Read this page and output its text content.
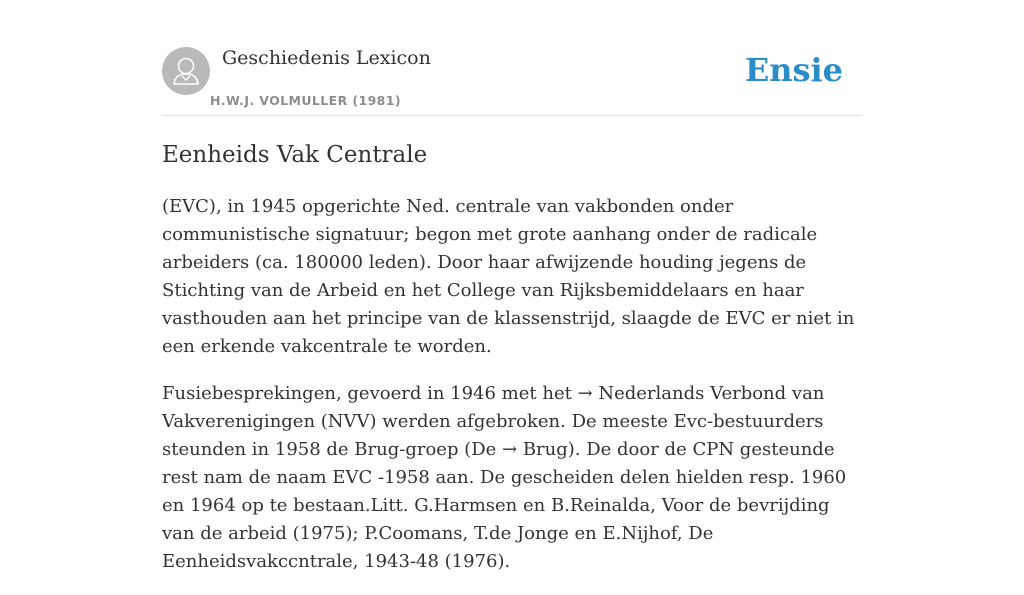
Geschiedenis Lexicon
H.W.J. VOLMULLER (1981)
Ensie
Eenheids Vak Centrale

(EVC), in 1945 opgerichte Ned. centrale van vakbonden onder communistische signatuur; begon met grote aanhang onder de radicale arbeiders (ca. 180000 leden). Door haar afwijzende houding jegens de Stichting van de Arbeid en het College van Rijksbemiddelaars en haar vasthouden aan het principe van de klassenstrijd, slaagde de EVC er niet in een erkende vakcentrale te worden.

Fusiebesprekingen, gevoerd in 1946 met het → Nederlands Verbond van Vakverenigingen (NVV) werden afgebroken. De meeste Evc-bestuurders steunden in 1958 de Brug-groep (De → Brug). De door de CPN gesteunde rest nam de naam EVC -1958 aan. De gescheiden delen hielden resp. 1960 en 1964 op te bestaan.Litt. G.Harmsen en B.Reinalda, Voor de bevrijding van de arbeid (1975); P.Coomans, T.de Jonge en E.Nijhof, De Eenheidsvakccntrale, 1943-48 (1976).
